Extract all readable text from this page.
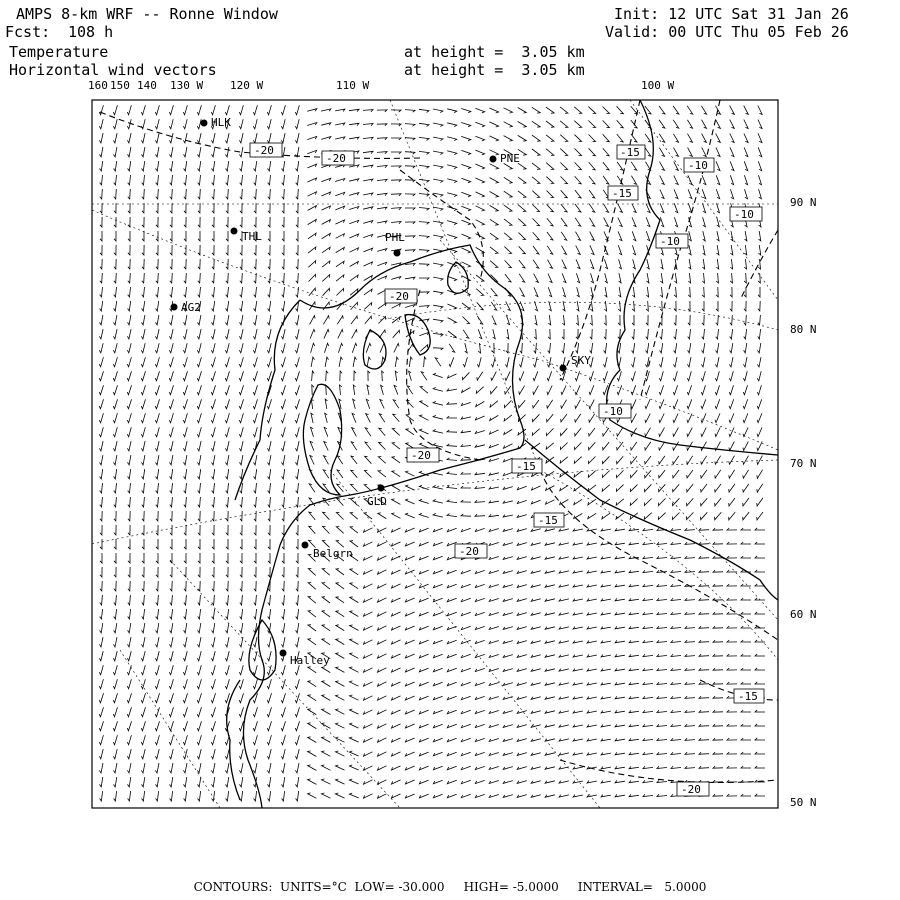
AMPS 8-km WRF -- Ronne Window
Fcst: 108 h
Init: 12 UTC Sat 31 Jan 26
Valid: 00 UTC Thu 05 Feb 26
Temperature
Horizontal wind vectors
at height =  3.05 km
at height =  3.05 km
160 150 140 130 W 120 W	110 W	100 W
90 N
80 N
70 N
60 N
50 N
HLK
PNE
THL	PHL
AG2
SKY
GLD
Belgrn
Halley
-20
-20	-15
-10
-15
-10
-10
-20
-10
-20
-15
-15
-20
-15
-20
CONTOURS:  UNITS=°C  LOW= -30.000     HIGH= -5.0000     INTERVAL=   5.0000
